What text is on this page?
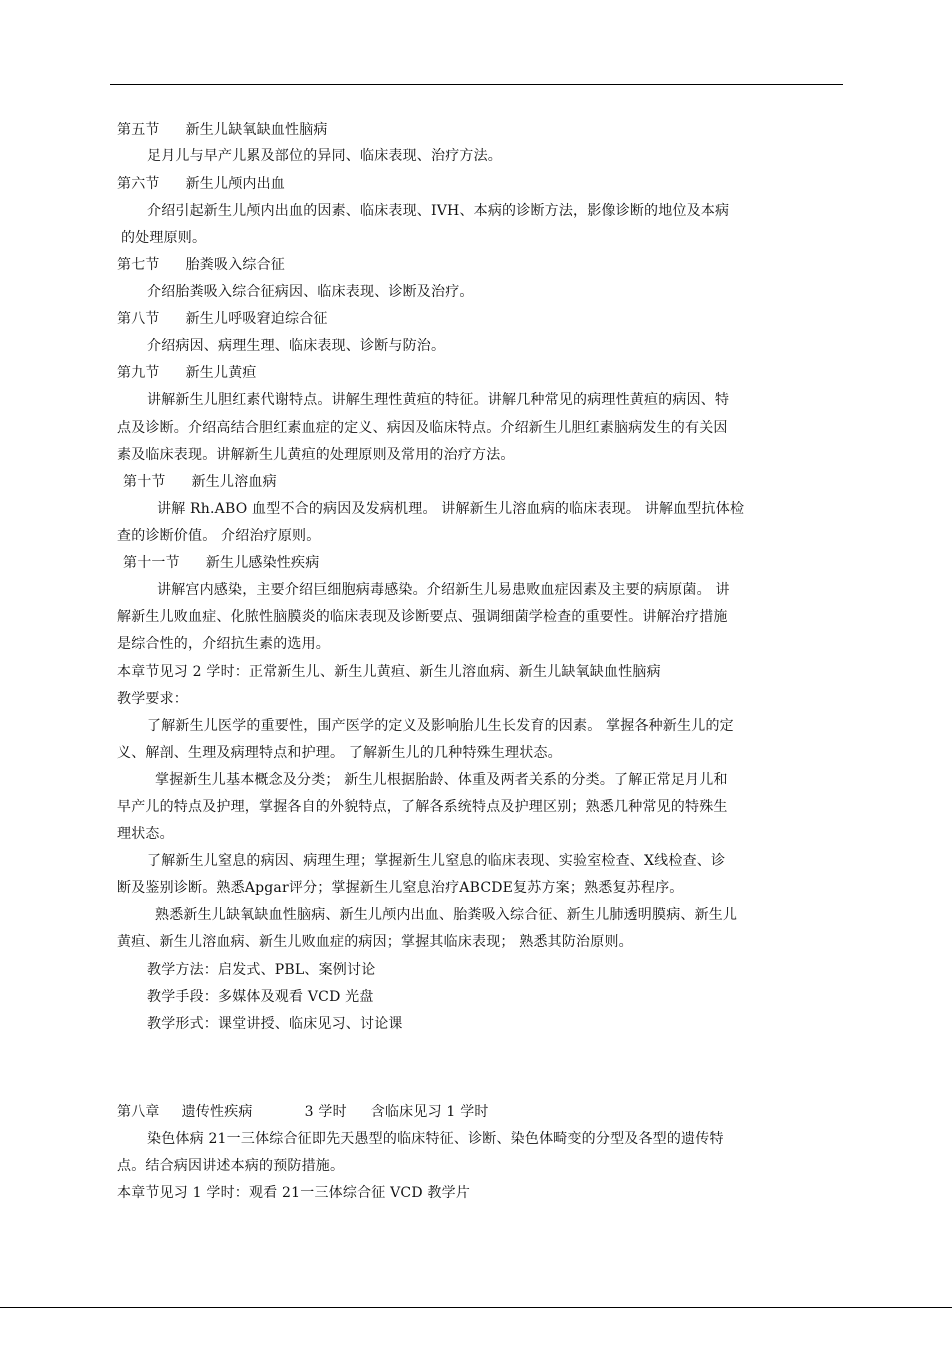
第五节 新生儿缺氧缺血性脑病
足月儿与早产儿累及部位的异同、临床表现、治疗方法。
第六节 新生儿颅内出血
介绍引起新生儿颅内出血的因素、临床表现、IVH、本病的诊断方法，影像诊断的地位及本病
的处理原则。
第七节 胎粪吸入综合征
介绍胎粪吸入综合征病因、临床表现、诊断及治疗。
第八节 新生儿呼吸窘迫综合征
介绍病因、病理生理、临床表现、诊断与防治。
第九节 新生儿黄疸
讲解新生儿胆红素代谢特点。讲解生理性黄疸的特征。讲解几种常见的病理性黄疸的病因、特
点及诊断。介绍高结合胆红素血症的定义、病因及临床特点。介绍新生儿胆红素脑病发生的有关因
素及临床表现。讲解新生儿黄疸的处理原则及常用的治疗方法。
第十节 新生儿溶血病
讲解 Rh.ABO 血型不合的病因及发病机理。 讲解新生儿溶血病的临床表现。 讲解血型抗体检
查的诊断价值。 介绍治疗原则。
第十一节 新生儿感染性疾病
讲解宫内感染，主要介绍巨细胞病毒感染。介绍新生儿易患败血症因素及主要的病原菌。 讲
解新生儿败血症、化脓性脑膜炎的临床表现及诊断要点、强调细菌学检查的重要性。讲解治疗措施
是综合性的，介绍抗生素的选用。
本章节见习 2 学时：正常新生儿、新生儿黄疸、新生儿溶血病、新生儿缺氧缺血性脑病
教学要求：
了解新生儿医学的重要性，围产医学的定义及影响胎儿生长发育的因素。 掌握各种新生儿的定
义、解剖、生理及病理特点和护理。 了解新生儿的几种特殊生理状态。
掌握新生儿基本概念及分类； 新生儿根据胎龄、体重及两者关系的分类。了解正常足月儿和
早产儿的特点及护理，掌握各自的外貌特点，了解各系统特点及护理区别；熟悉几种常见的特殊生
理状态。
了解新生儿窒息的病因、病理生理；掌握新生儿窒息的临床表现、实验室检查、X线检查、诊
断及鉴别诊断。熟悉Apgar评分；掌握新生儿窒息治疗ABCDE复苏方案；熟悉复苏程序。
熟悉新生儿缺氧缺血性脑病、新生儿颅内出血、胎粪吸入综合征、新生儿肺透明膜病、新生儿
黄疸、新生儿溶血病、新生儿败血症的病因；掌握其临床表现； 熟悉其防治原则。
教学方法：启发式、PBL、案例讨论
教学手段：多媒体及观看 VCD 光盘
教学形式：课堂讲授、临床见习、讨论课
第八章 遗传性疾病	3 学时 含临床见习 1 学时
染色体病 21一三体综合征即先天愚型的临床特征、诊断、染色体畸变的分型及各型的遗传特
点。结合病因讲述本病的预防措施。
本章节见习 1 学时：观看 21一三体综合征 VCD 教学片
